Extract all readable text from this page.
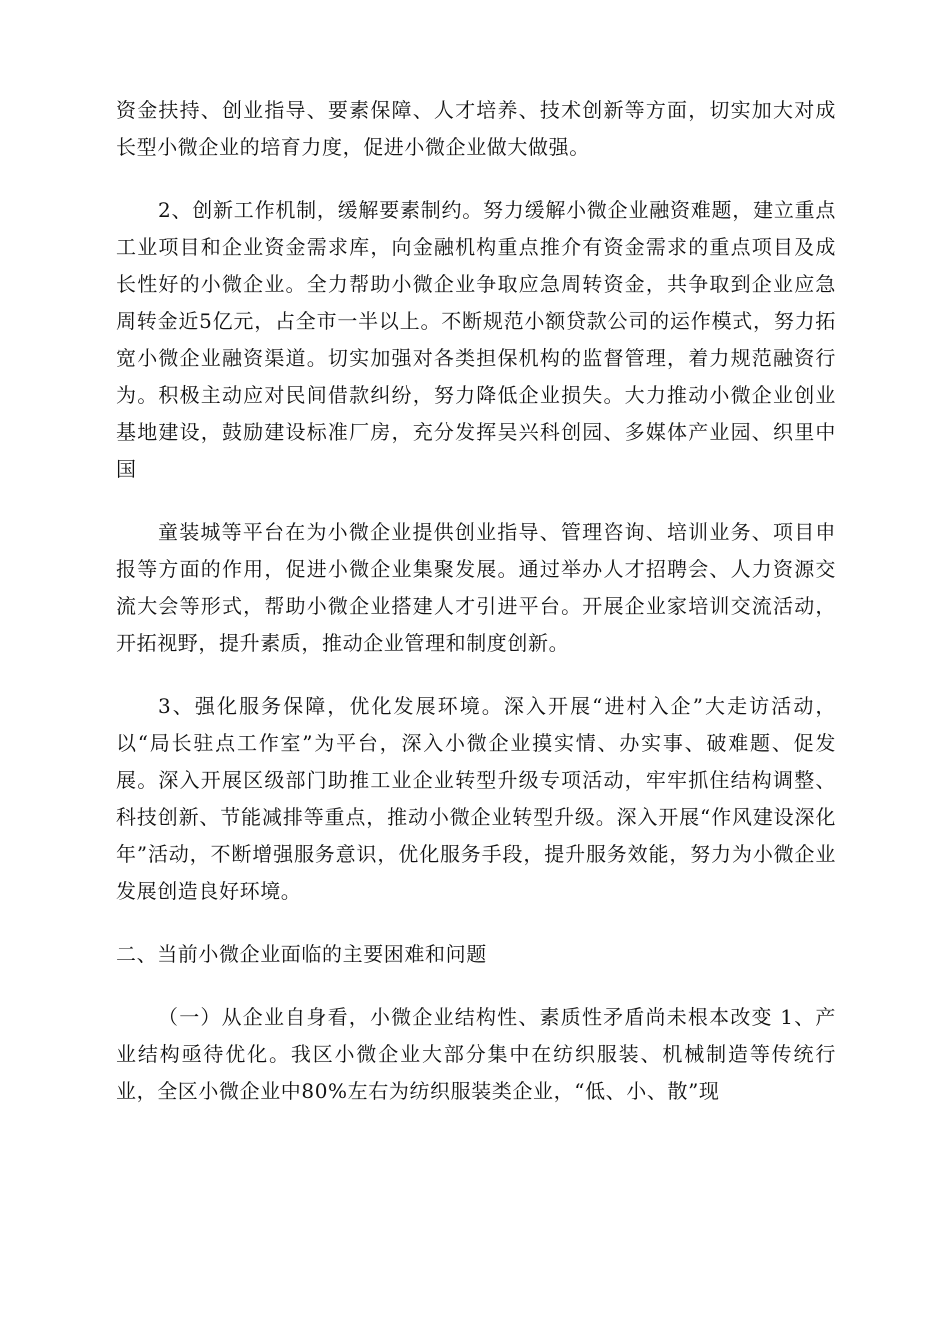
资金扶持、创业指导、要素保障、人才培养、技术创新等方面，切实加大对成长型小微企业的培育力度，促进小微企业做大做强。

2、创新工作机制，缓解要素制约。努力缓解小微企业融资难题，建立重点工业项目和企业资金需求库，向金融机构重点推介有资金需求的重点项目及成长性好的小微企业。全力帮助小微企业争取应急周转资金，共争取到企业应急周转金近5亿元，占全市一半以上。不断规范小额贷款公司的运作模式，努力拓宽小微企业融资渠道。切实加强对各类担保机构的监督管理，着力规范融资行为。积极主动应对民间借款纠纷，努力降低企业损失。大力推动小微企业创业基地建设，鼓励建设标准厂房，充分发挥吴兴科创园、多媒体产业园、织里中国

童装城等平台在为小微企业提供创业指导、管理咨询、培训业务、项目申报等方面的作用，促进小微企业集聚发展。通过举办人才招聘会、人力资源交流大会等形式，帮助小微企业搭建人才引进平台。开展企业家培训交流活动，开拓视野，提升素质，推动企业管理和制度创新。

3、强化服务保障，优化发展环境。深入开展“进村入企”大走访活动，以“局长驻点工作室”为平台，深入小微企业摸实情、办实事、破难题、促发展。深入开展区级部门助推工业企业转型升级专项活动，牢牢抓住结构调整、科技创新、节能减排等重点，推动小微企业转型升级。深入开展“作风建设深化年”活动，不断增强服务意识，优化服务手段，提升服务效能，努力为小微企业发展创造良好环境。

二、当前小微企业面临的主要困难和问题

（一）从企业自身看，小微企业结构性、素质性矛盾尚未根本改变 1、产业结构亟待优化。我区小微企业大部分集中在纺织服装、机械制造等传统行业，全区小微企业中80%左右为纺织服装类企业，“低、小、散”现
